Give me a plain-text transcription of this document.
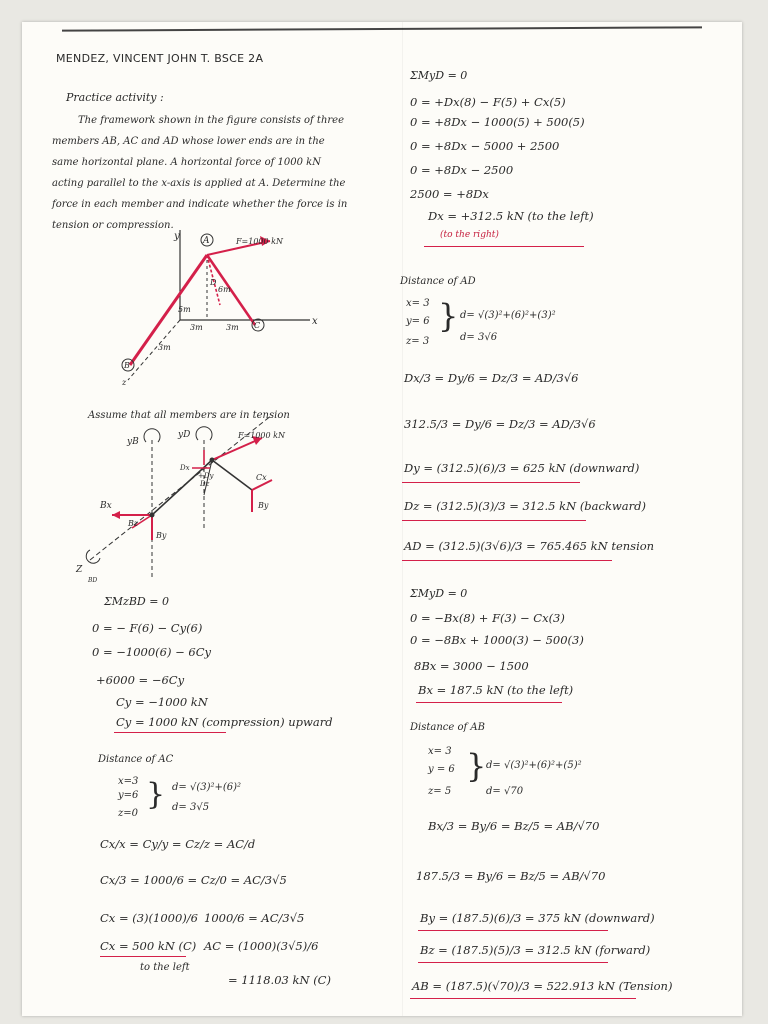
MENDEZ, VINCENT JOHN T. BSCE 2A
Practice activity :
The framework shown in the figure consists of three members AB, AC and AD whose lower ends are in the same horizontal plane. A horizontal force of 1000 kN acting parallel to the x-axis is applied at A. Determine the force in each member and indicate whether the force is in tension or compression.
y
x
z
A
C
B
D
F=1000 kN
5m
6m
3m	3m
3m
Assume that all members are in tension
yB
yD	F=1000 kN
Cx
By
Bx
Bz
By
Dx
Dz
+Dy
Z
BD
ΣMzBD = 0
0 = − F(6) − Cy(6)
0 = −1000(6) − 6Cy
+6000 = −6Cy
Cy = −1000 kN
Cy = 1000 kN (compression) upward
Distance of AC
x=3
y=6
z=0
} d= √(3)²+(6)²
d= 3√5
Cx/x = Cy/y = Cz/z = AC/d
Cx/3 = 1000/6 = Cz/0 = AC/3√5
Cx = (3)(1000)/6
Cx = 500 kN (C)
to the left
1000/6 = AC/3√5
AC = (1000)(3√5)/6
= 1118.03 kN (C)
ΣMyD = 0
0 = +Dx(8) − F(5) + Cx(5)
0 = +8Dx − 1000(5) + 500(5)
0 = +8Dx − 5000 + 2500
0 = +8Dx − 2500
2500 = +8Dx
Dx = +312.5 kN (to the left)
(to the right)
Distance of AD
x= 3
y= 6
z= 3
} d= √(3)²+(6)²+(3)²
d= 3√6
Dx/3 = Dy/6 = Dz/3 = AD/3√6
312.5/3 = Dy/6 = Dz/3 = AD/3√6
Dy = (312.5)(6)/3 = 625 kN (downward)
Dz = (312.5)(3)/3 = 312.5 kN (backward)
AD = (312.5)(3√6)/3 = 765.465 kN tension
ΣMyD = 0
0 = −Bx(8) + F(3) − Cx(3)
0 = −8Bx + 1000(3) − 500(3)
8Bx = 3000 − 1500
Bx = 187.5 kN (to the left)
Distance of AB
x= 3
y = 6
z= 5
} d= √(3)²+(6)²+(5)²
d= √70
Bx/3 = By/6 = Bz/5 = AB/√70
187.5/3 = By/6 = Bz/5 = AB/√70
By = (187.5)(6)/3 = 375 kN (downward)
Bz = (187.5)(5)/3 = 312.5 kN (forward)
AB = (187.5)(√70)/3 = 522.913 kN (Tension)
